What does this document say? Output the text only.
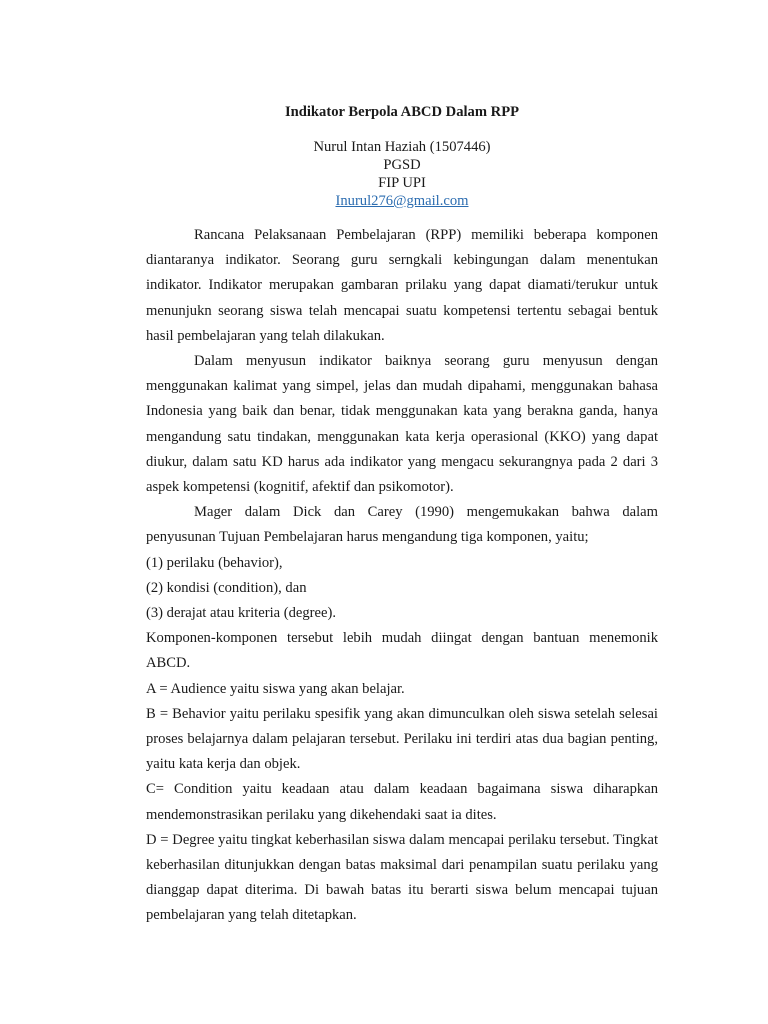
Indikator Berpola ABCD Dalam RPP
Nurul Intan Haziah (1507446)
PGSD
FIP UPI
Inurul276@gmail.com

Rancana Pelaksanaan Pembelajaran (RPP) memiliki beberapa komponen diantaranya indikator. Seorang guru serngkali kebingungan dalam menentukan indikator. Indikator merupakan gambaran prilaku yang dapat diamati/terukur untuk menunjukn seorang siswa telah mencapai suatu kompetensi tertentu sebagai bentuk hasil pembelajaran yang telah dilakukan.

Dalam menyusun indikator baiknya seorang guru menyusun dengan menggunakan kalimat yang simpel, jelas dan mudah dipahami, menggunakan bahasa Indonesia yang baik dan benar, tidak menggunakan kata yang berakna ganda, hanya mengandung satu tindakan, menggunakan kata kerja operasional (KKO) yang dapat diukur, dalam satu KD harus ada indikator yang mengacu sekurangnya pada 2 dari 3 aspek kompetensi (kognitif, afektif dan psikomotor).

Mager dalam Dick dan Carey (1990) mengemukakan bahwa dalam penyusunan Tujuan Pembelajaran harus mengandung tiga komponen, yaitu;

(1) perilaku (behavior),

(2) kondisi (condition), dan

(3) derajat atau kriteria (degree).

Komponen-komponen tersebut lebih mudah diingat dengan bantuan menemonik ABCD.

A = Audience yaitu siswa yang akan belajar.

B = Behavior yaitu perilaku spesifik yang akan dimunculkan oleh siswa setelah selesai proses belajarnya dalam pelajaran tersebut. Perilaku ini terdiri atas dua bagian penting, yaitu kata kerja dan objek.

C= Condition yaitu keadaan atau dalam keadaan bagaimana siswa diharapkan mendemonstrasikan perilaku yang dikehendaki saat ia dites.

D = Degree yaitu tingkat keberhasilan siswa dalam mencapai perilaku tersebut. Tingkat keberhasilan ditunjukkan dengan batas maksimal dari penampilan suatu perilaku yang dianggap dapat diterima. Di bawah batas itu berarti siswa belum mencapai tujuan pembelajaran yang telah ditetapkan.
